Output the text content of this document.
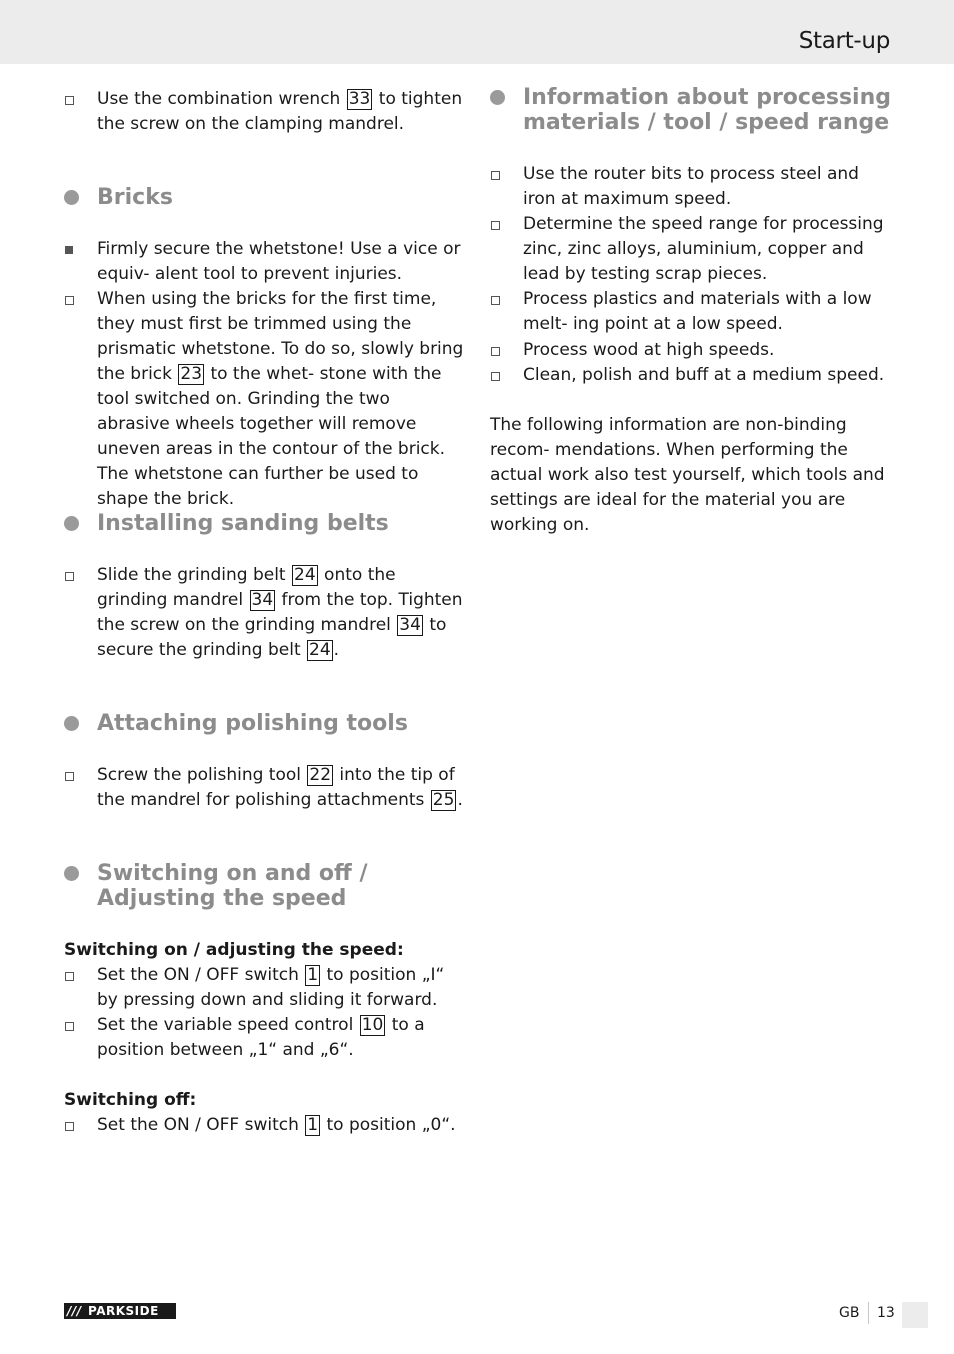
Start-up
Use the combination wrench 33 to tighten the screw on the clamping mandrel.
Bricks
Firmly secure the whetstone! Use a vice or equiv- alent tool to prevent injuries.
When using the bricks for the first time, they must first be trimmed using the prismatic whetstone. To do so, slowly bring the brick 23 to the whet- stone with the tool switched on. Grinding the two abrasive wheels together will remove uneven areas in the contour of the brick. The whetstone can further be used to shape the brick.
Installing sanding belts
Slide the grinding belt 24 onto the grinding mandrel 34 from the top. Tighten the screw on the grinding mandrel 34 to secure the grinding belt 24 .
Attaching polishing tools
Screw the polishing tool 22 into the tip of the mandrel for polishing attachments 25 .
Switching on and off / Adjusting the speed
Switching on / adjusting the speed:
Set the ON / OFF switch 1 to position „I“ by pressing down and sliding it forward.
Set the variable speed control 10 to a position between „1“ and „6“.
Switching off:
Set the ON / OFF switch 1 to position „0“.
Information about processing materials / tool / speed range
Use the router bits to process steel and iron at maximum speed.
Determine the speed range for processing zinc, zinc alloys, aluminium, copper and lead by testing scrap pieces.
Process plastics and materials with a low melt- ing point at a low speed.
Process wood at high speeds.
Clean, polish and buff at a medium speed.
The following information are non-binding recom- mendations. When performing the actual work also test yourself, which tools and settings are ideal for the material you are working on.
/// PARKSIDE	GB 13
